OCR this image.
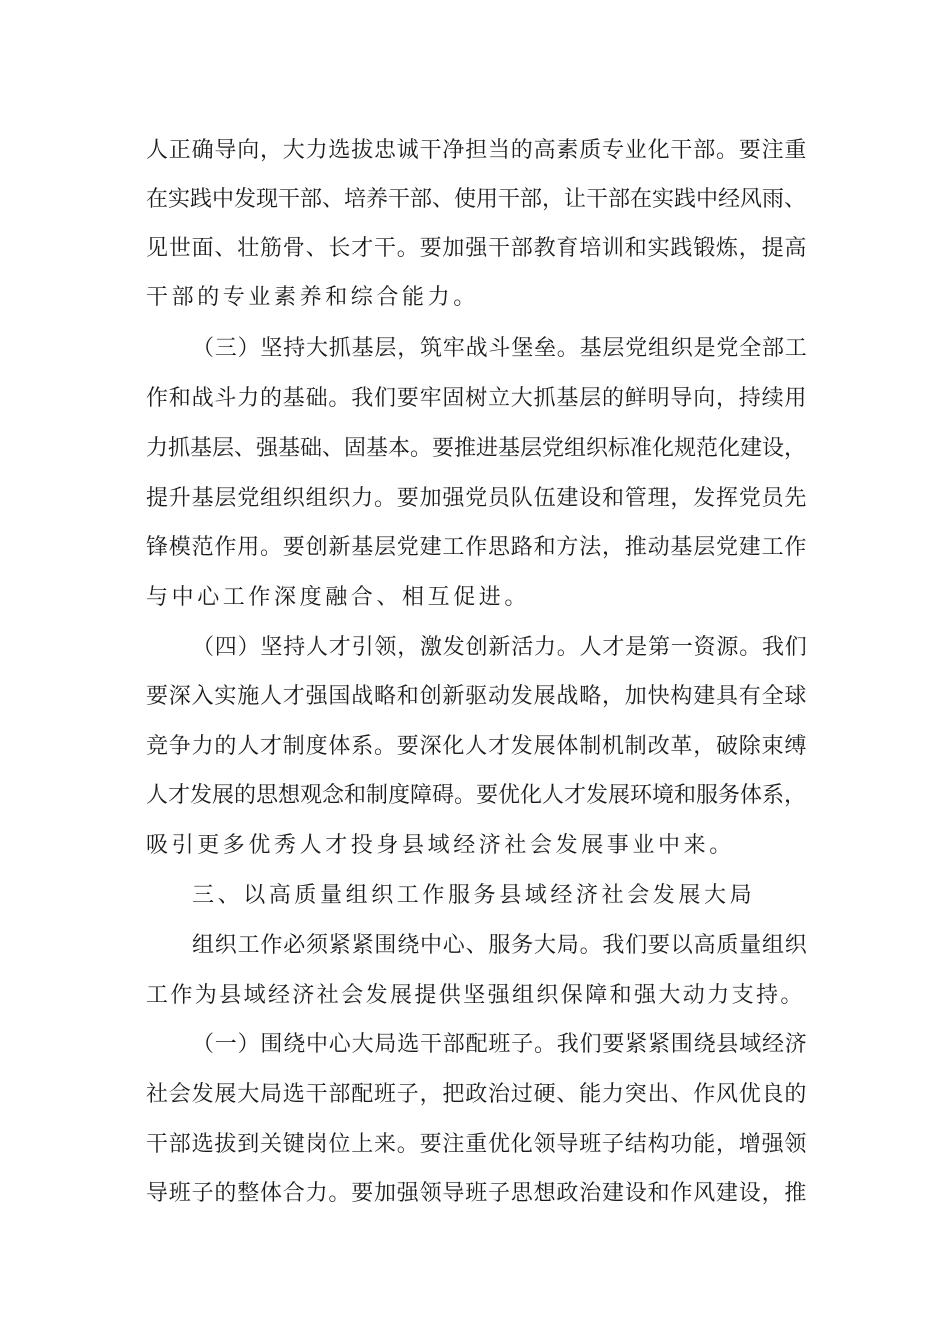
人正确导向，大力选拔忠诚干净担当的高素质专业化干部。要注重
在实践中发现干部、培养干部、使用干部，让干部在实践中经风雨、
见世面、壮筋骨、长才干。要加强干部教育培训和实践锻炼，提高
干部的专业素养和综合能力。
（三）坚持大抓基层，筑牢战斗堡垒。基层党组织是党全部工
作和战斗力的基础。我们要牢固树立大抓基层的鲜明导向，持续用
力抓基层、强基础、固基本。要推进基层党组织标准化规范化建设，
提升基层党组织组织力。要加强党员队伍建设和管理，发挥党员先
锋模范作用。要创新基层党建工作思路和方法，推动基层党建工作
与中心工作深度融合、相互促进。
（四）坚持人才引领，激发创新活力。人才是第一资源。我们
要深入实施人才强国战略和创新驱动发展战略，加快构建具有全球
竞争力的人才制度体系。要深化人才发展体制机制改革，破除束缚
人才发展的思想观念和制度障碍。要优化人才发展环境和服务体系，
吸引更多优秀人才投身县域经济社会发展事业中来。
三、以高质量组织工作服务县域经济社会发展大局
组织工作必须紧紧围绕中心、服务大局。我们要以高质量组织
工作为县域经济社会发展提供坚强组织保障和强大动力支持。
（一）围绕中心大局选干部配班子。我们要紧紧围绕县域经济
社会发展大局选干部配班子，把政治过硬、能力突出、作风优良的
干部选拔到关键岗位上来。要注重优化领导班子结构功能，增强领
导班子的整体合力。要加强领导班子思想政治建设和作风建设，推
